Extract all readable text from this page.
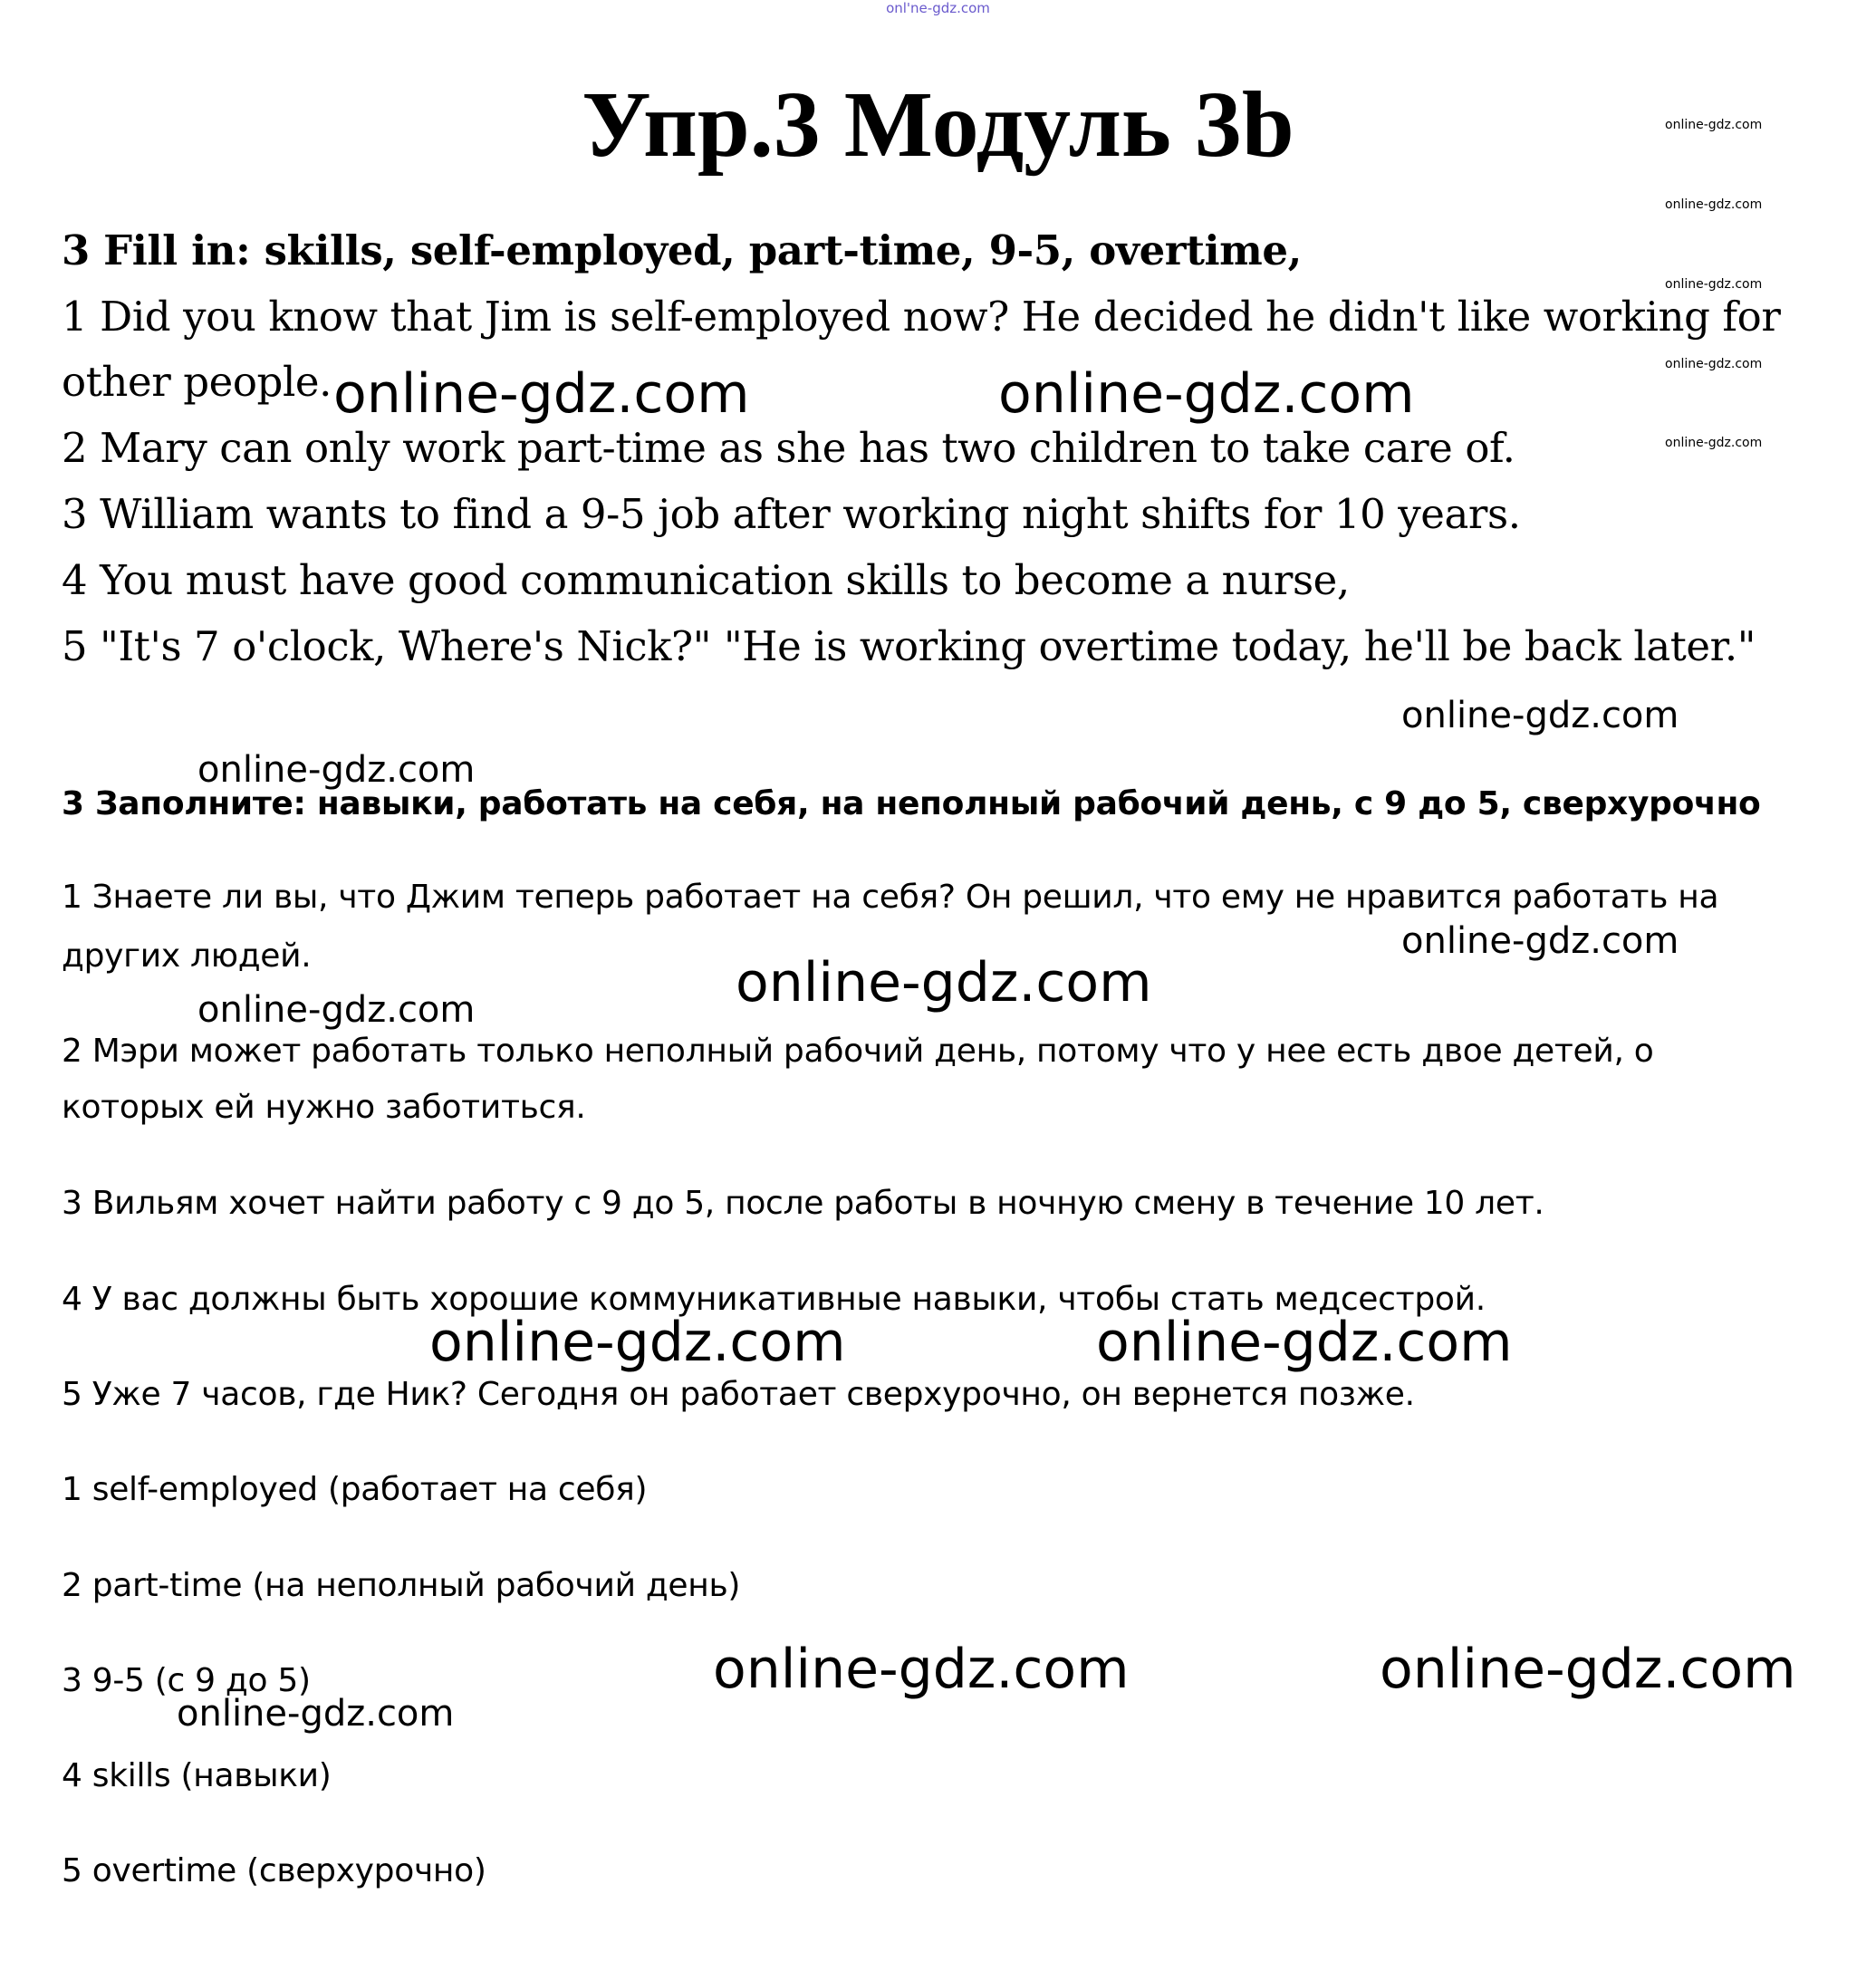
onl'ne-gdz.com
Упр.3 Модуль 3b
3 Fill in: skills, self-employed, part-time, 9-5, overtime,
1 Did you know that Jim is self-employed now? He decided he didn't like working for
other people.
2 Mary can only work part-time as she has two children to take care of.
3 William wants to find a 9-5 job after working night shifts for 10 years.
4 You must have good communication skills to become a nurse,
5 "It's 7 o'clock, Where's Nick?" "He is working overtime today, he'll be back later."
3 Заполните: навыки, работать на себя, на неполный рабочий день, с 9 до 5, сверхурочно
1 Знаете ли вы, что Джим теперь работает на себя? Он решил, что ему не нравится работать на
других людей.
2 Мэри может работать только неполный рабочий день, потому что у нее есть двое детей, о
которых ей нужно заботиться.
3 Вильям хочет найти работу с 9 до 5, после работы в ночную смену в течение 10 лет.
4 У вас должны быть хорошие коммуникативные навыки, чтобы стать медсестрой.
5 Уже 7 часов, где Ник? Сегодня он работает сверхурочно, он вернется позже.
1 self-employed (работает на себя)
2 part-time (на неполный рабочий день)
3 9-5 (с 9 до 5)
4 skills (навыки)
5 overtime (сверхурочно)
online-gdz.com
online-gdz.com
online-gdz.com
online-gdz.com
online-gdz.com
online-gdz.com	online-gdz.com
online-gdz.com
online-gdz.com	online-gdz.com
online-gdz.com	online-gdz.com
online-gdz.com
online-gdz.com
online-gdz.com
online-gdz.com
online-gdz.com
